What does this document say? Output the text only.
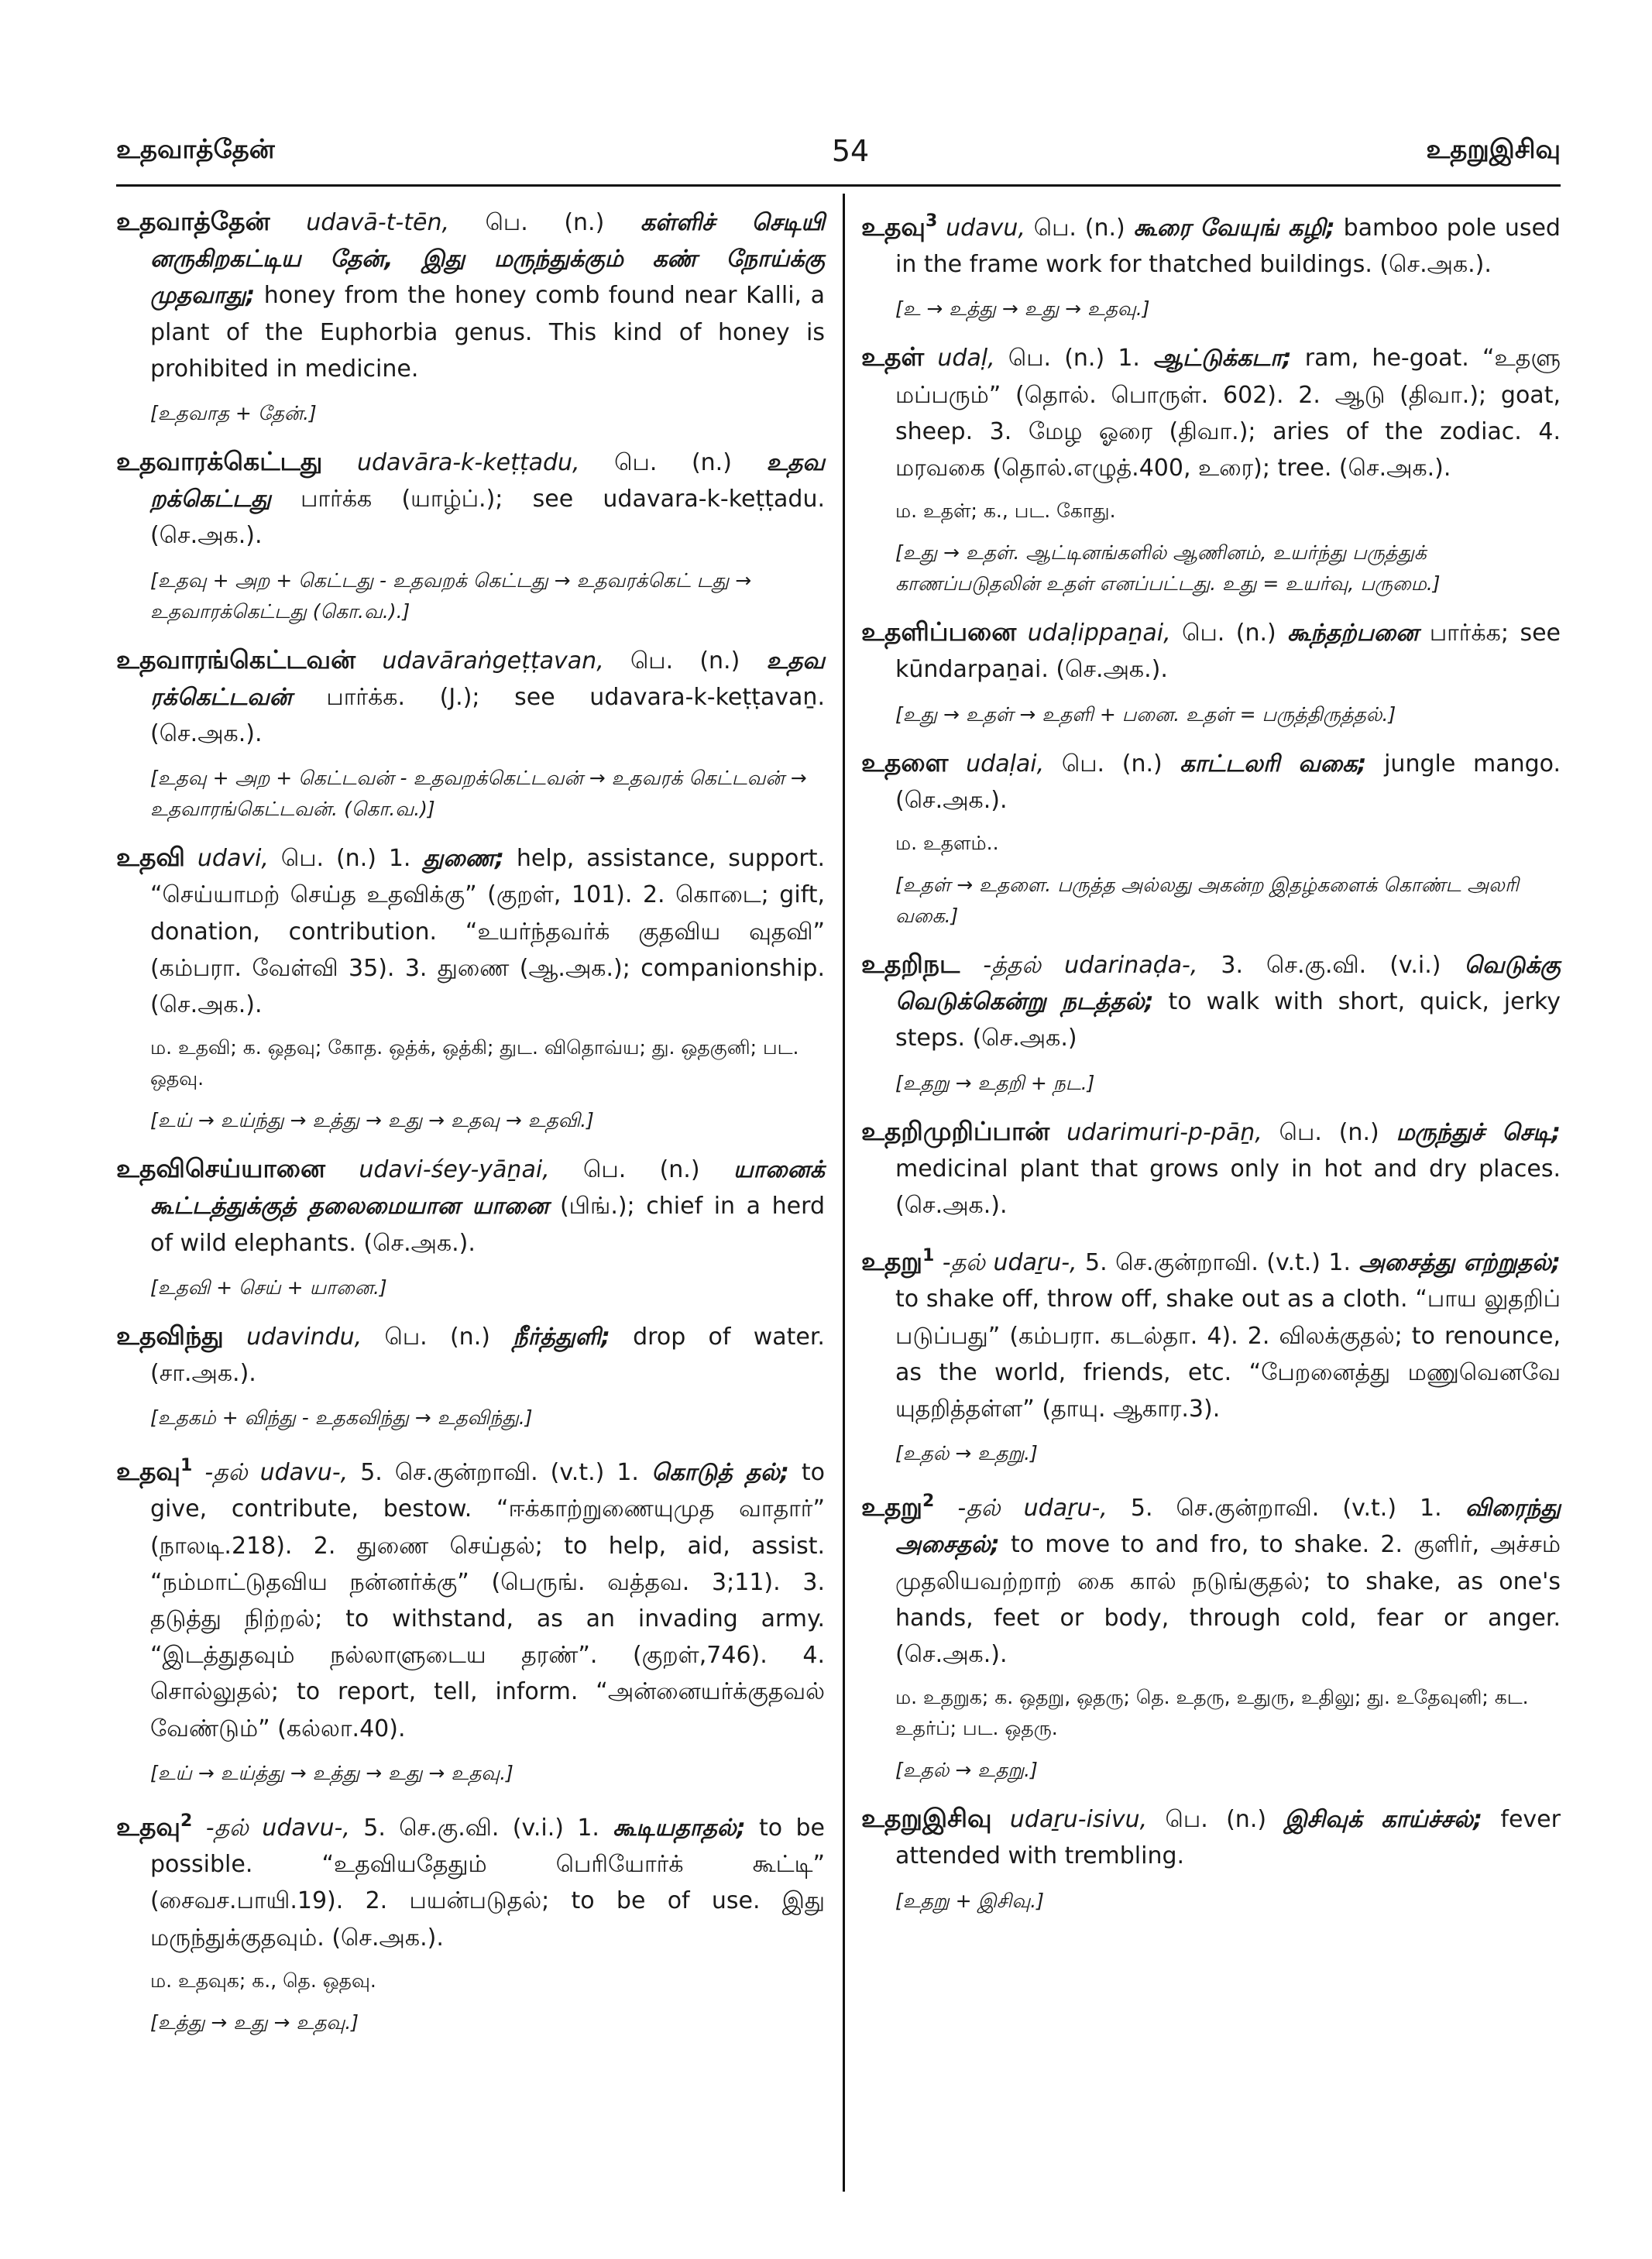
உதவாத்தேன்	54	உதறுஇசிவு

உதவாத்தேன் udavā-t-tēn, பெ. (n.) கள்ளிச் செடியி னருகிறகட்டிய தேன், இது மருந்துக்கும் கண் நோய்க்கு முதவாது; honey from the honey comb found near Kalli, a plant of the Euphorbia genus. This kind of honey is prohibited in medicine.

[உதவாத + தேன்.]

உதவாரக்கெட்டது udavāra-k-keṭṭadu, பெ. (n.) உதவ றக்கெட்டது பார்க்க (யாழ்ப்.); see udavara-k-keṭṭadu. (செ.அக.).

[உதவு + அற + கெட்டது - உதவறக் கெட்டது → உதவரக்கெட் டது → உதவாரக்கெட்டது (கொ.வ.).]

உதவாரங்கெட்டவன் udavāraṅgeṭṭavan, பெ. (n.) உதவ ரக்கெட்டவன் பார்க்க. (J.); see udavara-k-keṭṭavaṉ. (செ.அக.).

[உதவு + அற + கெட்டவன் - உதவறக்கெட்டவன் → உதவரக் கெட்டவன் → உதவாரங்கெட்டவன். (கொ.வ.)]

உதவி udavi, பெ. (n.) 1. துணை; help, assistance, support. “செய்யாமற் செய்த உதவிக்கு” (குறள், 101). 2. கொடை; gift, donation, contribution. “உயர்ந்தவர்க் குதவிய வுதவி” (கம்பரா. வேள்வி 35). 3. துணை (ஆ.அக.); companionship. (செ.அக.).

ம. உதவி; க. ஒதவு; கோத. ஒத்க், ஒத்கி; துட. விதொவ்ய; து. ஒதகுனி; பட. ஒதவு.

[உய் → உய்ந்து → உத்து → உது → உதவு → உதவி.]

உதவிசெய்யானை udavi-śey-yāṉai, பெ. (n.) யானைக் கூட்டத்துக்குத் தலைமையான யானை (பிங்.); chief in a herd of wild elephants. (செ.அக.).

[உதவி + செய் + யானை.]

உதவிந்து udavindu, பெ. (n.) நீர்த்துளி; drop of water. (சா.அக.).

[உதகம் + விந்து - உதகவிந்து → உதவிந்து.]

உதவு$^1$ -தல் udavu-, 5. செ.குன்றாவி. (v.t.) 1. கொடுத் தல்; to give, contribute, bestow. “ஈக்காற்றுணையுமுத வாதார்” (நாலடி.218). 2. துணை செய்தல்; to help, aid, assist. “நம்மாட்டுதவிய நன்னர்க்கு” (பெருங். வத்தவ. 3;11). 3. தடுத்து நிற்றல்; to withstand, as an invading army. “இடத்துதவும் நல்லாளுடைய தரண்”. (குறள்,746). 4. சொல்லுதல்; to report, tell, inform. “அன்னையர்க்குதவல் வேண்டும்” (கல்லா.40).

[உய் → உய்த்து → உத்து → உது → உதவு.]

உதவு$^2$ -தல் udavu-, 5. செ.கு.வி. (v.i.) 1. கூடியதாதல்; to be possible. “உதவியதேதும் பெரியோர்க் கூட்டி” (சைவச.பாயி.19). 2. பயன்படுதல்; to be of use. இது மருந்துக்குதவும். (செ.அக.).

ம. உதவுக; க., தெ. ஒதவு.

[உத்து → உது → உதவு.]

உதவு$^3$ udavu, பெ. (n.) கூரை வேயுங் கழி; bamboo pole used in the frame work for thatched buildings. (செ.அக.).

[உ → உத்து → உது → உதவு.]

உதள் udaḷ, பெ. (n.) 1. ஆட்டுக்கடா; ram, he-goat. “உதளு மப்பரும்” (தொல். பொருள். 602). 2. ஆடு (திவா.); goat, sheep. 3. மேழ ஓரை (திவா.); aries of the zodiac. 4. மரவகை (தொல்.எழுத்.400, உரை); tree. (செ.அக.).

ம. உதள்; க., பட. கோது.

[உது → உதள். ஆட்டினங்களில் ஆணினம், உயர்ந்து பருத்துக் காணப்படுதலின் உதள் எனப்பட்டது. உது = உயர்வு, பருமை.]

உதளிப்பனை udaḷippaṉai, பெ. (n.) கூந்தற்பனை பார்க்க; see kūndarpaṉai. (செ.அக.).

[உது → உதள் → உதளி + பனை. உதள் = பருத்திருத்தல்.]

உதளை udaḷai, பெ. (n.) காட்டலரி வகை; jungle mango. (செ.அக.).

ம. உதளம்..

[உதள் → உதளை. பருத்த அல்லது அகன்ற இதழ்களைக் கொண்ட அலரி வகை.]

உதறிநட -த்தல் udarinaḍa-, 3. செ.கு.வி. (v.i.) வெடுக்கு வெடுக்கென்று நடத்தல்; to walk with short, quick, jerky steps. (செ.அக.)

[உதறு → உதறி + நட.]

உதறிமுறிப்பான் udarimuri-p-pāṉ, பெ. (n.) மருந்துச் செடி; medicinal plant that grows only in hot and dry places. (செ.அக.).

உதறு$^1$ -தல் udaṟu-, 5. செ.குன்றாவி. (v.t.) 1. அசைத்து எற்றுதல்; to shake off, throw off, shake out as a cloth. “பாய லுதறிப் படுப்பது” (கம்பரா. கடல்தா. 4). 2. விலக்குதல்; to renounce, as the world, friends, etc. “பேறனைத்து மணுவெனவே யுதறித்தள்ள” (தாயு. ஆகார.3).

[உதல் → உதறு.]

உதறு$^2$ -தல் udaṟu-, 5. செ.குன்றாவி. (v.t.) 1. விரைந்து அசைதல்; to move to and fro, to shake. 2. குளிர், அச்சம் முதலியவற்றாற் கை கால் நடுங்குதல்; to shake, as one's hands, feet or body, through cold, fear or anger. (செ.அக.).

ம. உதறுக; க. ஒதறு, ஒதரு; தெ. உதரு, உதுரு, உதிலு; து. உதேவுனி; கட. உதர்ப்; பட. ஒதரு.

[உதல் → உதறு.]

உதறுஇசிவு udaṟu-isivu, பெ. (n.) இசிவுக் காய்ச்சல்; fever attended with trembling.

[உதறு + இசிவு.]
